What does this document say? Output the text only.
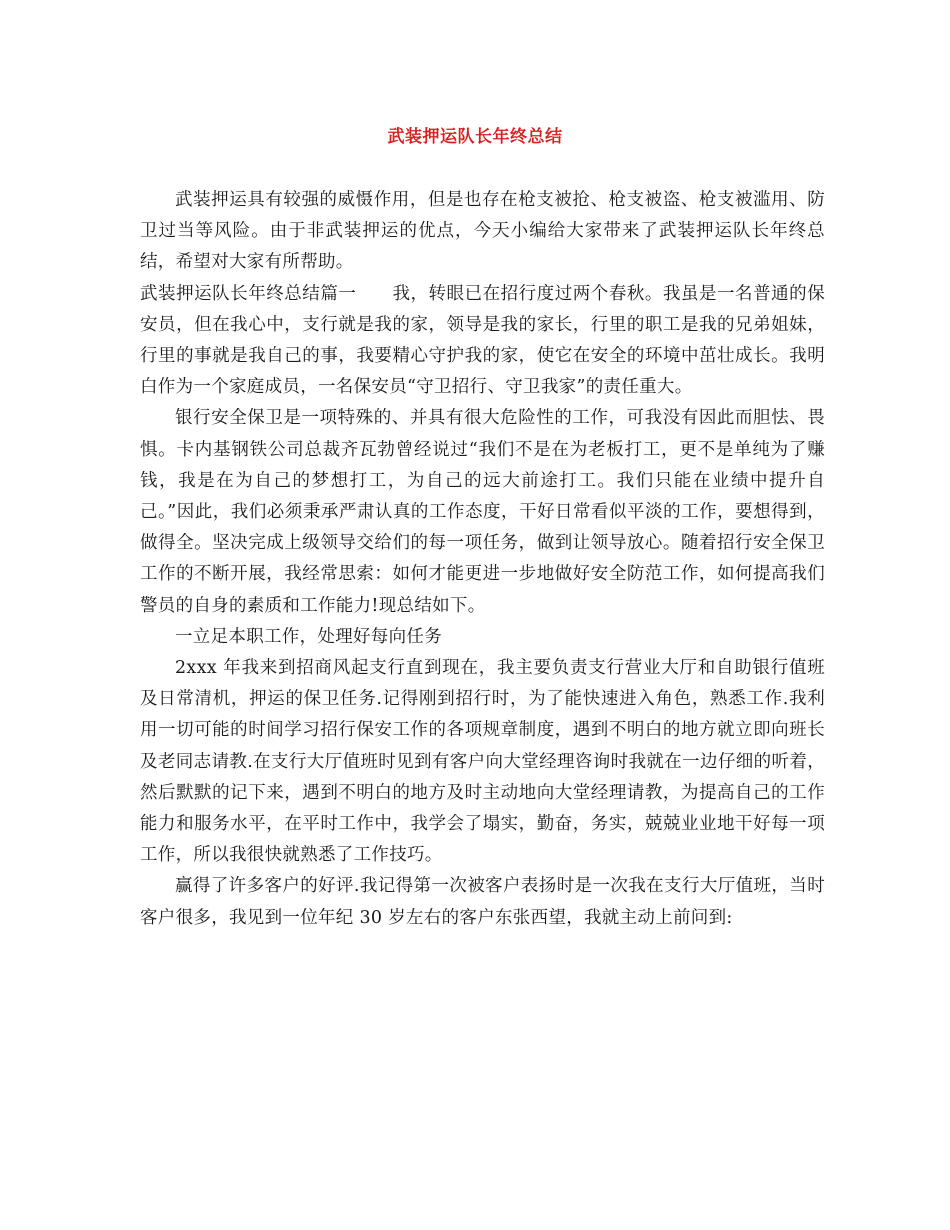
武装押运队长年终总结

武装押运具有较强的威慑作用，但是也存在枪支被抢、枪支被盗、枪支被滥用、防卫过当等风险。由于非武装押运的优点，今天小编给大家带来了武装押运队长年终总结，希望对大家有所帮助。

武装押运队长年终总结篇一　　我，转眼已在招行度过两个春秋。我虽是一名普通的保安员，但在我心中，支行就是我的家，领导是我的家长，行里的职工是我的兄弟姐妹，行里的事就是我自己的事，我要精心守护我的家，使它在安全的环境中茁壮成长。我明白作为一个家庭成员，一名保安员“守卫招行、守卫我家”的责任重大。

银行安全保卫是一项特殊的、并具有很大危险性的工作，可我没有因此而胆怯、畏惧。卡内基钢铁公司总裁齐瓦勃曾经说过“我们不是在为老板打工，更不是单纯为了赚钱，我是在为自己的梦想打工，为自己的远大前途打工。我们只能在业绩中提升自己。”因此，我们必须秉承严肃认真的工作态度，干好日常看似平淡的工作，要想得到，做得全。坚决完成上级领导交给们的每一项任务，做到让领导放心。随着招行安全保卫工作的不断开展，我经常思索：如何才能更进一步地做好安全防范工作，如何提高我们警员的自身的素质和工作能力!现总结如下。

一立足本职工作，处理好每向任务

2xxx 年我来到招商风起支行直到现在，我主要负责支行营业大厅和自助银行值班及日常清机，押运的保卫任务.记得刚到招行时，为了能快速进入角色，熟悉工作.我利用一切可能的时间学习招行保安工作的各项规章制度，遇到不明白的地方就立即向班长及老同志请教.在支行大厅值班时见到有客户向大堂经理咨询时我就在一边仔细的听着，然后默默的记下来，遇到不明白的地方及时主动地向大堂经理请教，为提高自己的工作能力和服务水平，在平时工作中，我学会了塌实，勤奋，务实，兢兢业业地干好每一项工作，所以我很快就熟悉了工作技巧。

赢得了许多客户的好评.我记得第一次被客户表扬时是一次我在支行大厅值班，当时客户很多，我见到一位年纪 30 岁左右的客户东张西望，我就主动上前问到:
